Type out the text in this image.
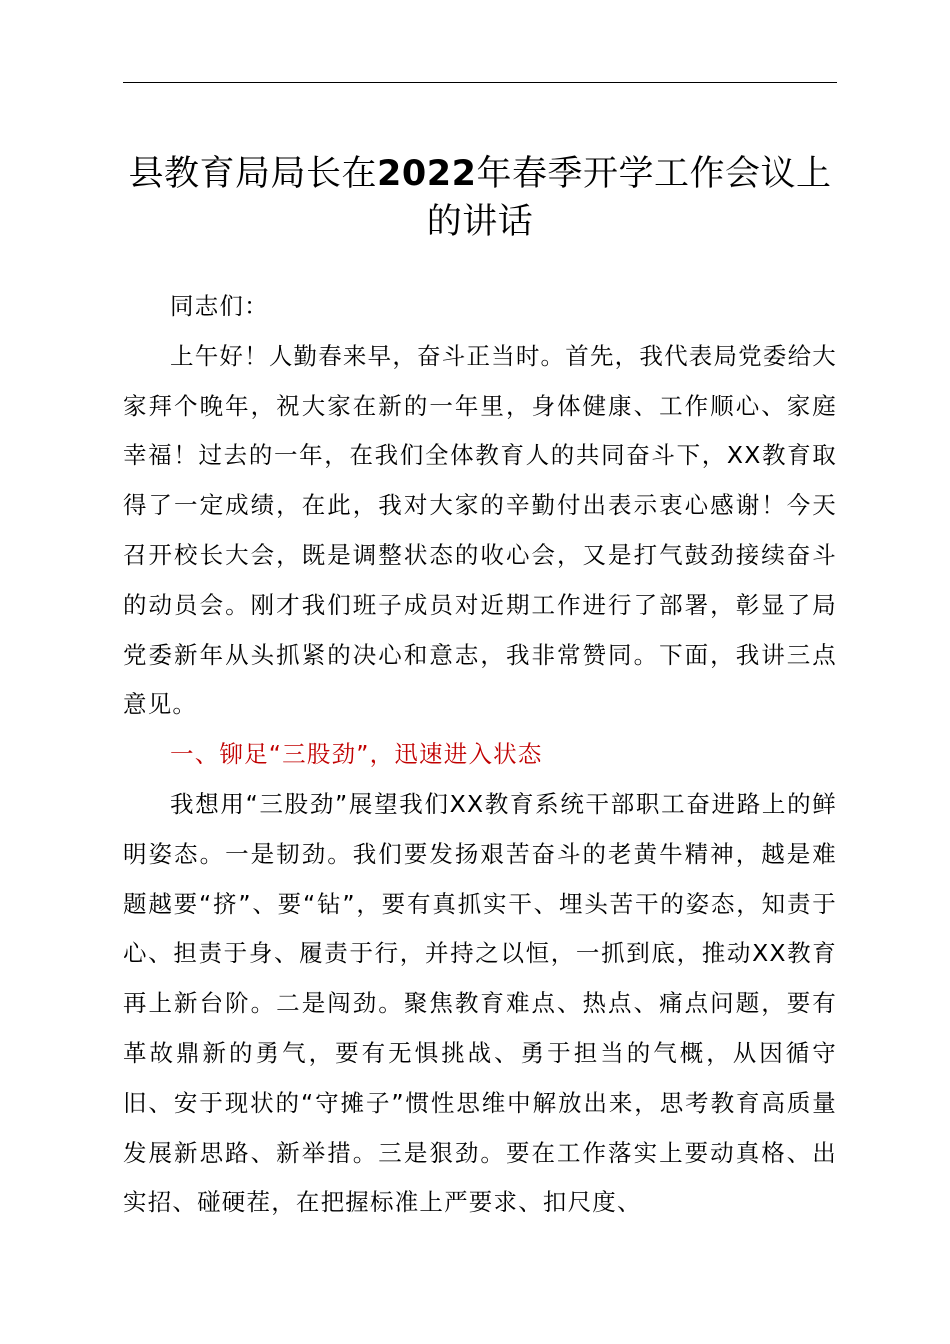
县教育局局长在2022年春季开学工作会议上
的讲话

同志们：

上午好！人勤春来早，奋斗正当时。首先，我代表局党委给大家拜个晚年，祝大家在新的一年里，身体健康、工作顺心、家庭幸福！过去的一年，在我们全体教育人的共同奋斗下，XX教育取得了一定成绩，在此，我对大家的辛勤付出表示衷心感谢！今天召开校长大会，既是调整状态的收心会，又是打气鼓劲接续奋斗的动员会。刚才我们班子成员对近期工作进行了部署，彰显了局党委新年从头抓紧的决心和意志，我非常赞同。下面，我讲三点意见。

一、铆足“三股劲”，迅速进入状态

我想用“三股劲”展望我们XX教育系统干部职工奋进路上的鲜明姿态。一是韧劲。我们要发扬艰苦奋斗的老黄牛精神，越是难题越要“挤”、要“钻”，要有真抓实干、埋头苦干的姿态，知责于心、担责于身、履责于行，并持之以恒，一抓到底，推动XX教育再上新台阶。二是闯劲。聚焦教育难点、热点、痛点问题，要有革故鼎新的勇气，要有无惧挑战、勇于担当的气概，从因循守旧、安于现状的“守摊子”惯性思维中解放出来，思考教育高质量发展新思路、新举措。三是狠劲。要在工作落实上要动真格、出实招、碰硬茬，在把握标准上严要求、扣尺度、
